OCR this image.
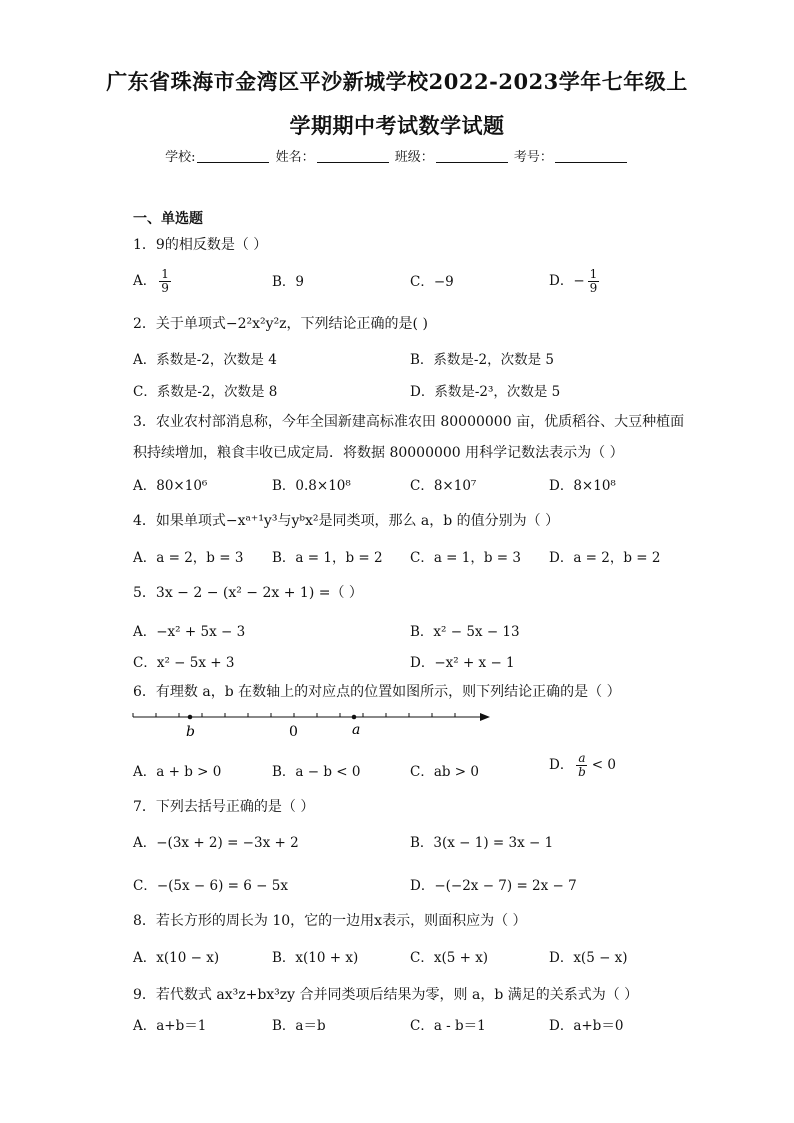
广东省珠海市金湾区平沙新城学校2022-2023学年七年级上
学期期中考试数学试题
学校:	姓名：	班级：	考号：
一、单选题
1．9的相反数是（ ）
A． $\frac{1}{9}$	B．9	C．−9	D．− $\frac{1}{9}$
2．关于单项式−2²x²y²z，下列结论正确的是( )
A．系数是-2，次数是 4	B．系数是-2，次数是 5
C．系数是-2，次数是 8	D．系数是-2³，次数是 5
3．农业农村部消息称，今年全国新建高标准农田 80000000 亩，优质稻谷、大豆种植面
积持续增加，粮食丰收已成定局．将数据 80000000 用科学记数法表示为（ ）
A．80×10⁶	B．0.8×10⁸	C．8×10⁷	D．8×10⁸
4．如果单项式−xᵃ⁺¹y³与yᵇx²是同类项，那么 a，b 的值分别为（ ）
A．a = 2，b = 3 B．a = 1，b = 2 C．a = 1，b = 3 D．a = 2，b = 2
5．3x − 2 − (x² − 2x + 1) =（ ）
A．−x² + 5x − 3	B．x² − 5x − 13
C．x² − 5x + 3	D．−x² + x − 1
6．有理数 a，b 在数轴上的对应点的位置如图所示，则下列结论正确的是（ ）
b	0	a
A．a + b > 0	B．a − b < 0	C．ab > 0	D． $\frac{a}{b} < 0$
7．下列去括号正确的是（ ）
A．−(3x + 2) = −3x + 2	B．3(x − 1) = 3x − 1
C．−(5x − 6) = 6 − 5x	D．−(−2x − 7) = 2x − 7
8．若长方形的周长为 10，它的一边用x表示，则面积应为（ ）
A．x(10 − x)	B．x(10 + x)	C．x(5 + x)	D．x(5 − x)
9．若代数式 ax³z+bx³zy 合并同类项后结果为零，则 a，b 满足的关系式为（ ）
A．a+b＝1	B．a＝b	C．a - b＝1	D．a+b＝0
